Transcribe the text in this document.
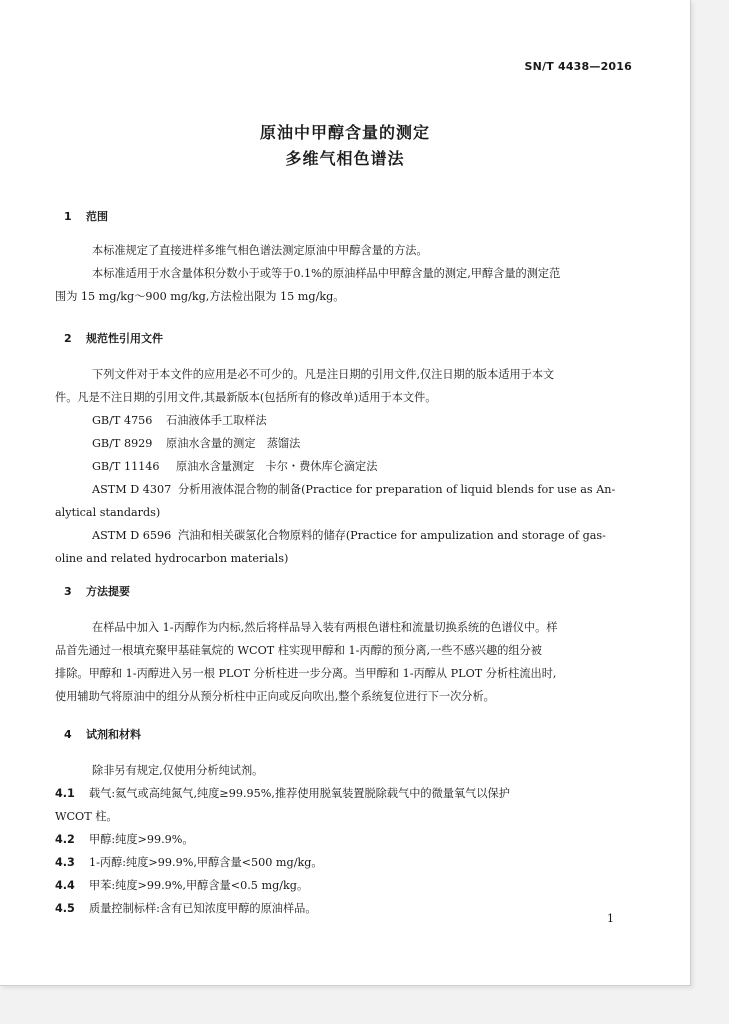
SN/T 4438—2016
原油中甲醇含量的测定
多维气相色谱法
1 范围
本标准规定了直接进样多维气相色谱法测定原油中甲醇含量的方法。
本标准适用于水含量体积分数小于或等于0.1%的原油样品中甲醇含量的测定,甲醇含量的测定范
围为 15 mg/kg～900 mg/kg,方法检出限为 15 mg/kg。
2 规范性引用文件
下列文件对于本文件的应用是必不可少的。凡是注日期的引用文件,仅注日期的版本适用于本文
件。凡是不注日期的引用文件,其最新版本(包括所有的修改单)适用于本文件。
GB/T 4756 石油液体手工取样法
GB/T 8929 原油水含量的测定　蒸馏法
GB/T 11146 原油水含量测定　卡尔・费休库仑滴定法
ASTM D 4307 分析用液体混合物的制备(Practice for preparation of liquid blends for use as An-
alytical standards)
ASTM D 6596 汽油和相关碳氢化合物原料的储存(Practice for ampulization and storage of gas-
oline and related hydrocarbon materials)
3 方法提要
在样品中加入 1-丙醇作为内标,然后将样品导入装有两根色谱柱和流量切换系统的色谱仪中。样
品首先通过一根填充聚甲基硅氧烷的 WCOT 柱实现甲醇和 1-丙醇的预分离,一些不感兴趣的组分被
排除。甲醇和 1-丙醇进入另一根 PLOT 分析柱进一步分离。当甲醇和 1-丙醇从 PLOT 分析柱流出时,
使用辅助气将原油中的组分从预分析柱中正向或反向吹出,整个系统复位进行下一次分析。
4 试剂和材料
除非另有规定,仅使用分析纯试剂。
4.1 载气:氦气或高纯氮气,纯度≥99.95%,推荐使用脱氧装置脱除载气中的微量氧气以保护
WCOT 柱。
4.2 甲醇:纯度>99.9%。
4.3 1-丙醇:纯度>99.9%,甲醇含量<500 mg/kg。
4.4 甲苯:纯度>99.9%,甲醇含量<0.5 mg/kg。
4.5 质量控制标样:含有已知浓度甲醇的原油样品。
1
